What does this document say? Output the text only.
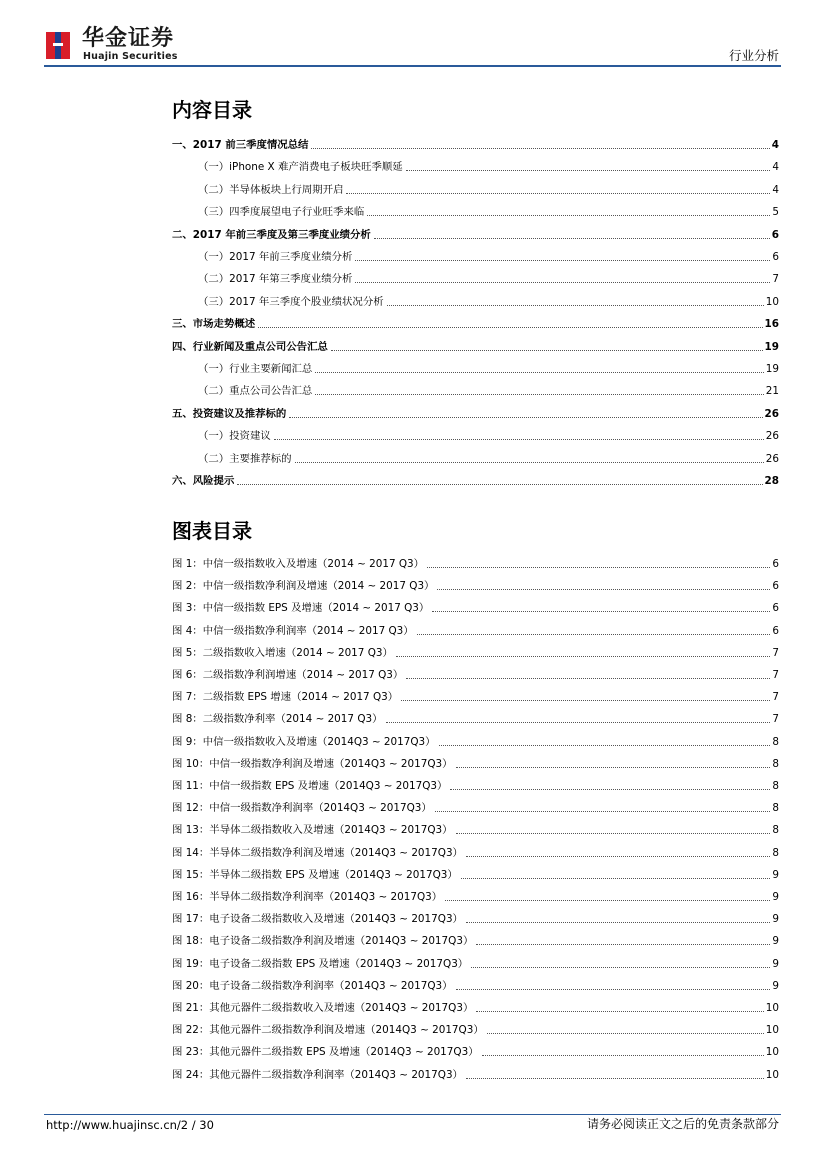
华金证券
Huajin Securities	行业分析
内容目录
一、2017 前三季度情况总结	4
（一）iPhone X 难产消费电子板块旺季顺延	4
（二）半导体板块上行周期开启	4
（三）四季度展望电子行业旺季来临	5
二、2017 年前三季度及第三季度业绩分析	6
（一）2017 年前三季度业绩分析	6
（二）2017 年第三季度业绩分析	7
（三）2017 年三季度个股业绩状况分析	10
三、市场走势概述	16
四、行业新闻及重点公司公告汇总	19
（一）行业主要新闻汇总	19
（二）重点公司公告汇总	21
五、投资建议及推荐标的	26
（一）投资建议	26
（二）主要推荐标的	26
六、风险提示	28
图表目录
图 1：中信一级指数收入及增速（2014 ~ 2017 Q3）	6
图 2：中信一级指数净利润及增速（2014 ~ 2017 Q3）	6
图 3：中信一级指数 EPS 及增速（2014 ~ 2017 Q3）	6
图 4：中信一级指数净利润率（2014 ~ 2017 Q3）	6
图 5：二级指数收入增速（2014 ~ 2017 Q3）	7
图 6：二级指数净利润增速（2014 ~ 2017 Q3）	7
图 7：二级指数 EPS 增速（2014 ~ 2017 Q3）	7
图 8：二级指数净利率（2014 ~ 2017 Q3）	7
图 9：中信一级指数收入及增速（2014Q3 ~ 2017Q3）	8
图 10：中信一级指数净利润及增速（2014Q3 ~ 2017Q3）	8
图 11：中信一级指数 EPS 及增速（2014Q3 ~ 2017Q3）	8
图 12：中信一级指数净利润率（2014Q3 ~ 2017Q3）	8
图 13：半导体二级指数收入及增速（2014Q3 ~ 2017Q3）	8
图 14：半导体二级指数净利润及增速（2014Q3 ~ 2017Q3）	8
图 15：半导体二级指数 EPS 及增速（2014Q3 ~ 2017Q3）	9
图 16：半导体二级指数净利润率（2014Q3 ~ 2017Q3）	9
图 17：电子设备二级指数收入及增速（2014Q3 ~ 2017Q3）	9
图 18：电子设备二级指数净利润及增速（2014Q3 ~ 2017Q3）	9
图 19：电子设备二级指数 EPS 及增速（2014Q3 ~ 2017Q3）	9
图 20：电子设备二级指数净利润率（2014Q3 ~ 2017Q3）	9
图 21：其他元器件二级指数收入及增速（2014Q3 ~ 2017Q3）	10
图 22：其他元器件二级指数净利润及增速（2014Q3 ~ 2017Q3）	10
图 23：其他元器件二级指数 EPS 及增速（2014Q3 ~ 2017Q3）	10
图 24：其他元器件二级指数净利润率（2014Q3 ~ 2017Q3）	10
http://www.huajinsc.cn/2 / 30	请务必阅读正文之后的免责条款部分
